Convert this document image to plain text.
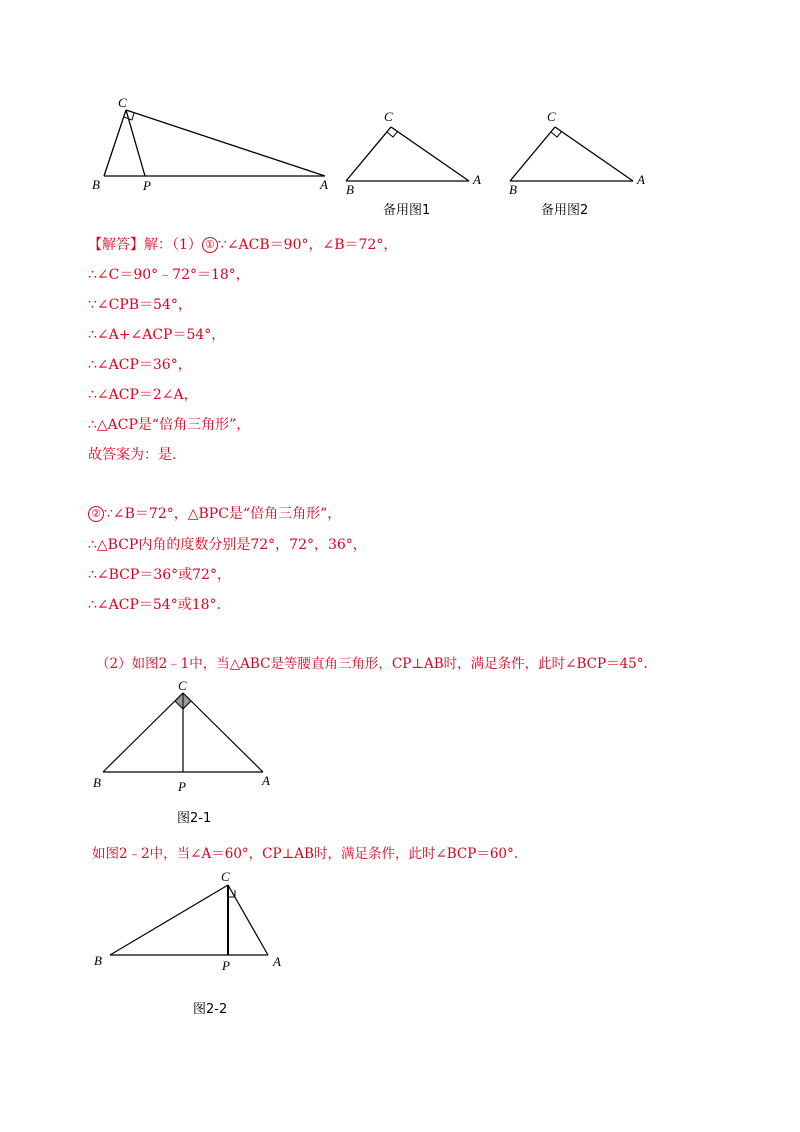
C
B	P	A
C
B
A
C
B
A
备用图1	备用图2
【解答】解：（1） ① ∵∠ACB＝90°，∠B＝72°，
∴∠C＝90°﹣72°＝18°，
∵∠CPB＝54°，
∴∠A+∠ACP＝54°，
∴∠ACP＝36°，
∴∠ACP＝2∠A，
∴△ACP是“倍角三角形”，
故答案为：是.
② ∵∠B＝72°，△BPC是“倍角三角形”，
∴△BCP内角的度数分别是72°，72°，36°，
∴∠BCP＝36°或72°，
∴∠ACP＝54°或18°.
（2）如图2﹣1中，当△ABC是等腰直角三角形，CP⊥AB时，满足条件，此时∠BCP＝45°.
C
B	P	A
图2-1
如图2﹣2中，当∠A＝60°，CP⊥AB时，满足条件，此时∠BCP＝60°.
C
B	P	A
图2-2
